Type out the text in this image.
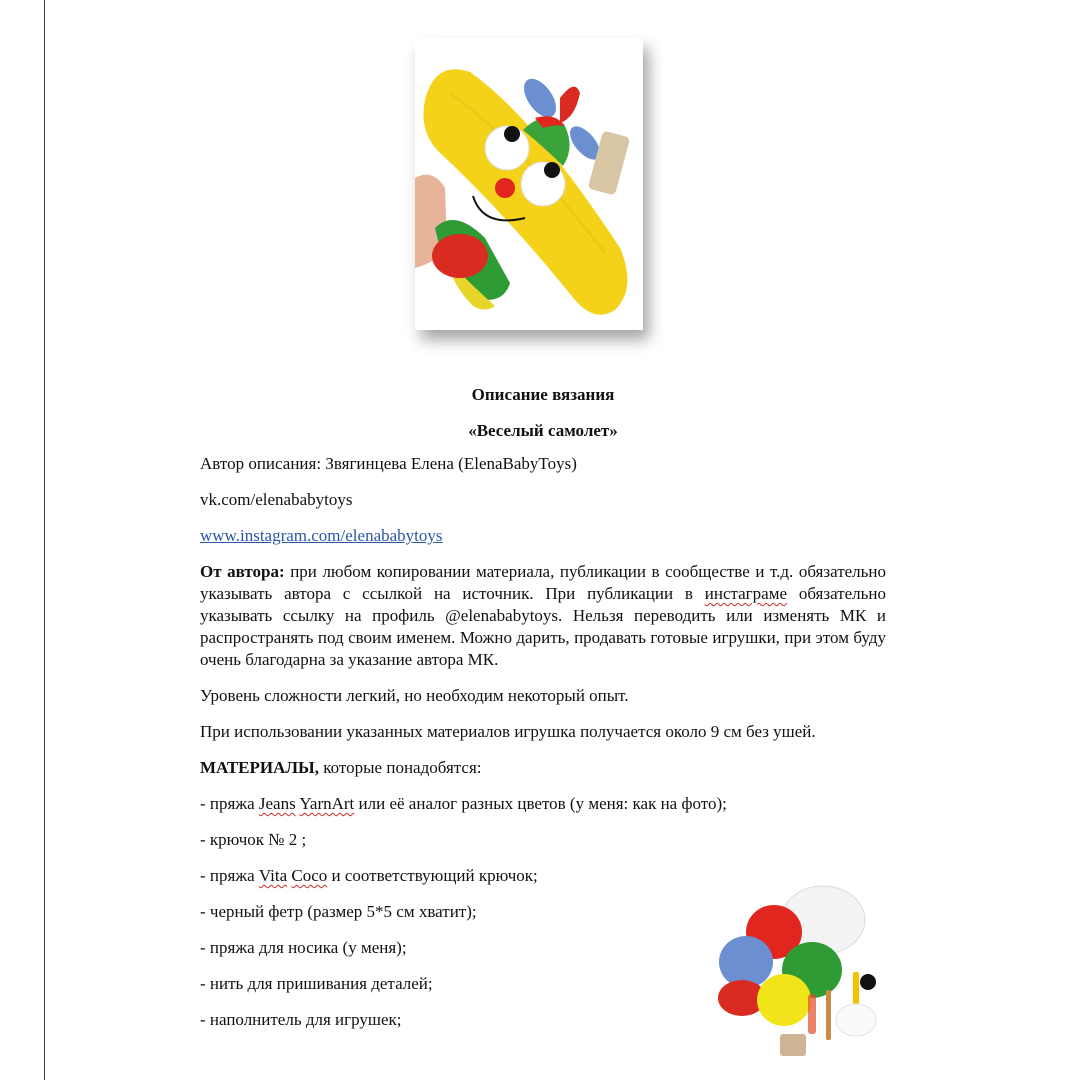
Описание вязания

«Веселый самолет»

Автор описания: Звягинцева Елена (ElenaBabyToys)

vk.com/elenababytoys

www.instagram.com/elenababytoys

От автора: при любом копировании материала, публикации в сообществе и т.д. обязательно указывать автора с ссылкой на источник. При публикации в инстаграме обязательно указывать ссылку на профиль @elenababytoys. Нельзя переводить или изменять МК и распространять под своим именем. Можно дарить, продавать готовые игрушки, при этом буду очень благодарна за указание автора МК.

Уровень сложности легкий, но необходим некоторый опыт.

При использовании указанных материалов игрушка получается около 9 см без ушей.

МАТЕРИАЛЫ, которые понадобятся:

- пряжа Jeans YarnArt или её аналог разных цветов (у меня: как на фото);
- крючок № 2 ;
- пряжа Vita Coco и соответствующий крючок;
- черный фетр (размер 5*5 см хватит);
- пряжа для носика (у меня);
- нить для пришивания деталей;
- наполнитель для игрушек;
